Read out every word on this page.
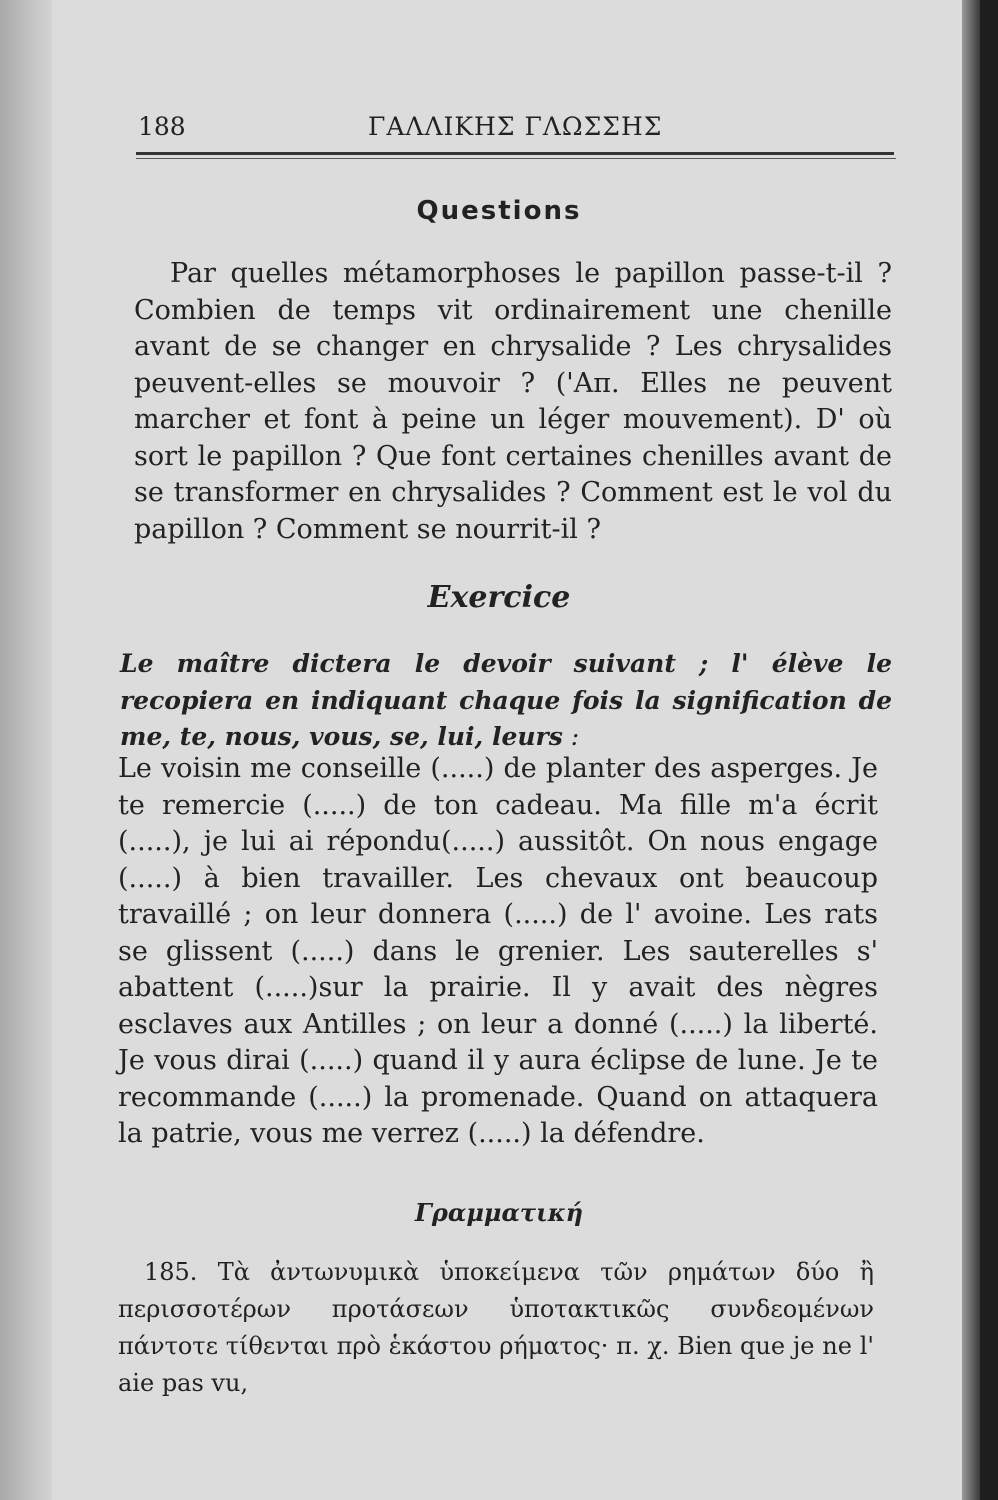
188	ΓΑΛΛΙΚΗΣ ΓΛΩΣΣΗΣ
Questions
Par quelles métamorphoses le papillon passe-t-il ? Combien de temps vit ordinairement une chenille avant de se changer en chrysalide ? Les chrysalides peuvent-elles se mouvoir ? ('Απ. Elles ne peuvent marcher et font à peine un léger mouvement). D' où sort le papillon ? Que font certaines chenilles avant de se transformer en chrysalides ? Comment est le vol du papillon ? Comment se nourrit-il ?
Exercice
Le maître dictera le devoir suivant ; l' élève le recopiera en indiquant chaque fois la signification de me, te, nous, vous, se, lui, leurs :
Le voisin me conseille (.....) de planter des asperges. Je te remercie (.....) de ton cadeau. Ma fille m'a écrit (.....), je lui ai répondu(.....) aussitôt. On nous engage (.....) à bien travailler. Les chevaux ont beaucoup travaillé ; on leur donnera (.....) de l' avoine. Les rats se glissent (.....) dans le grenier. Les sauterelles s' abattent (.....)sur la prairie. Il y avait des nègres esclaves aux Antilles ; on leur a donné (.....) la liberté. Je vous dirai (.....) quand il y aura éclipse de lune. Je te recommande (.....) la promenade. Quand on attaquera la patrie, vous me verrez (.....) la défendre.
Γραμματική
185. Τὰ ἀντωνυμικὰ ὑποκείμενα τῶν ρημάτων δύο ἢ περισσοτέρων προτάσεων ὑποτακτικῶς συνδεομένων πάντοτε τίθενται πρὸ ἑκάστου ρήματος· π. χ. Bien que je ne l' aie pas vu,
